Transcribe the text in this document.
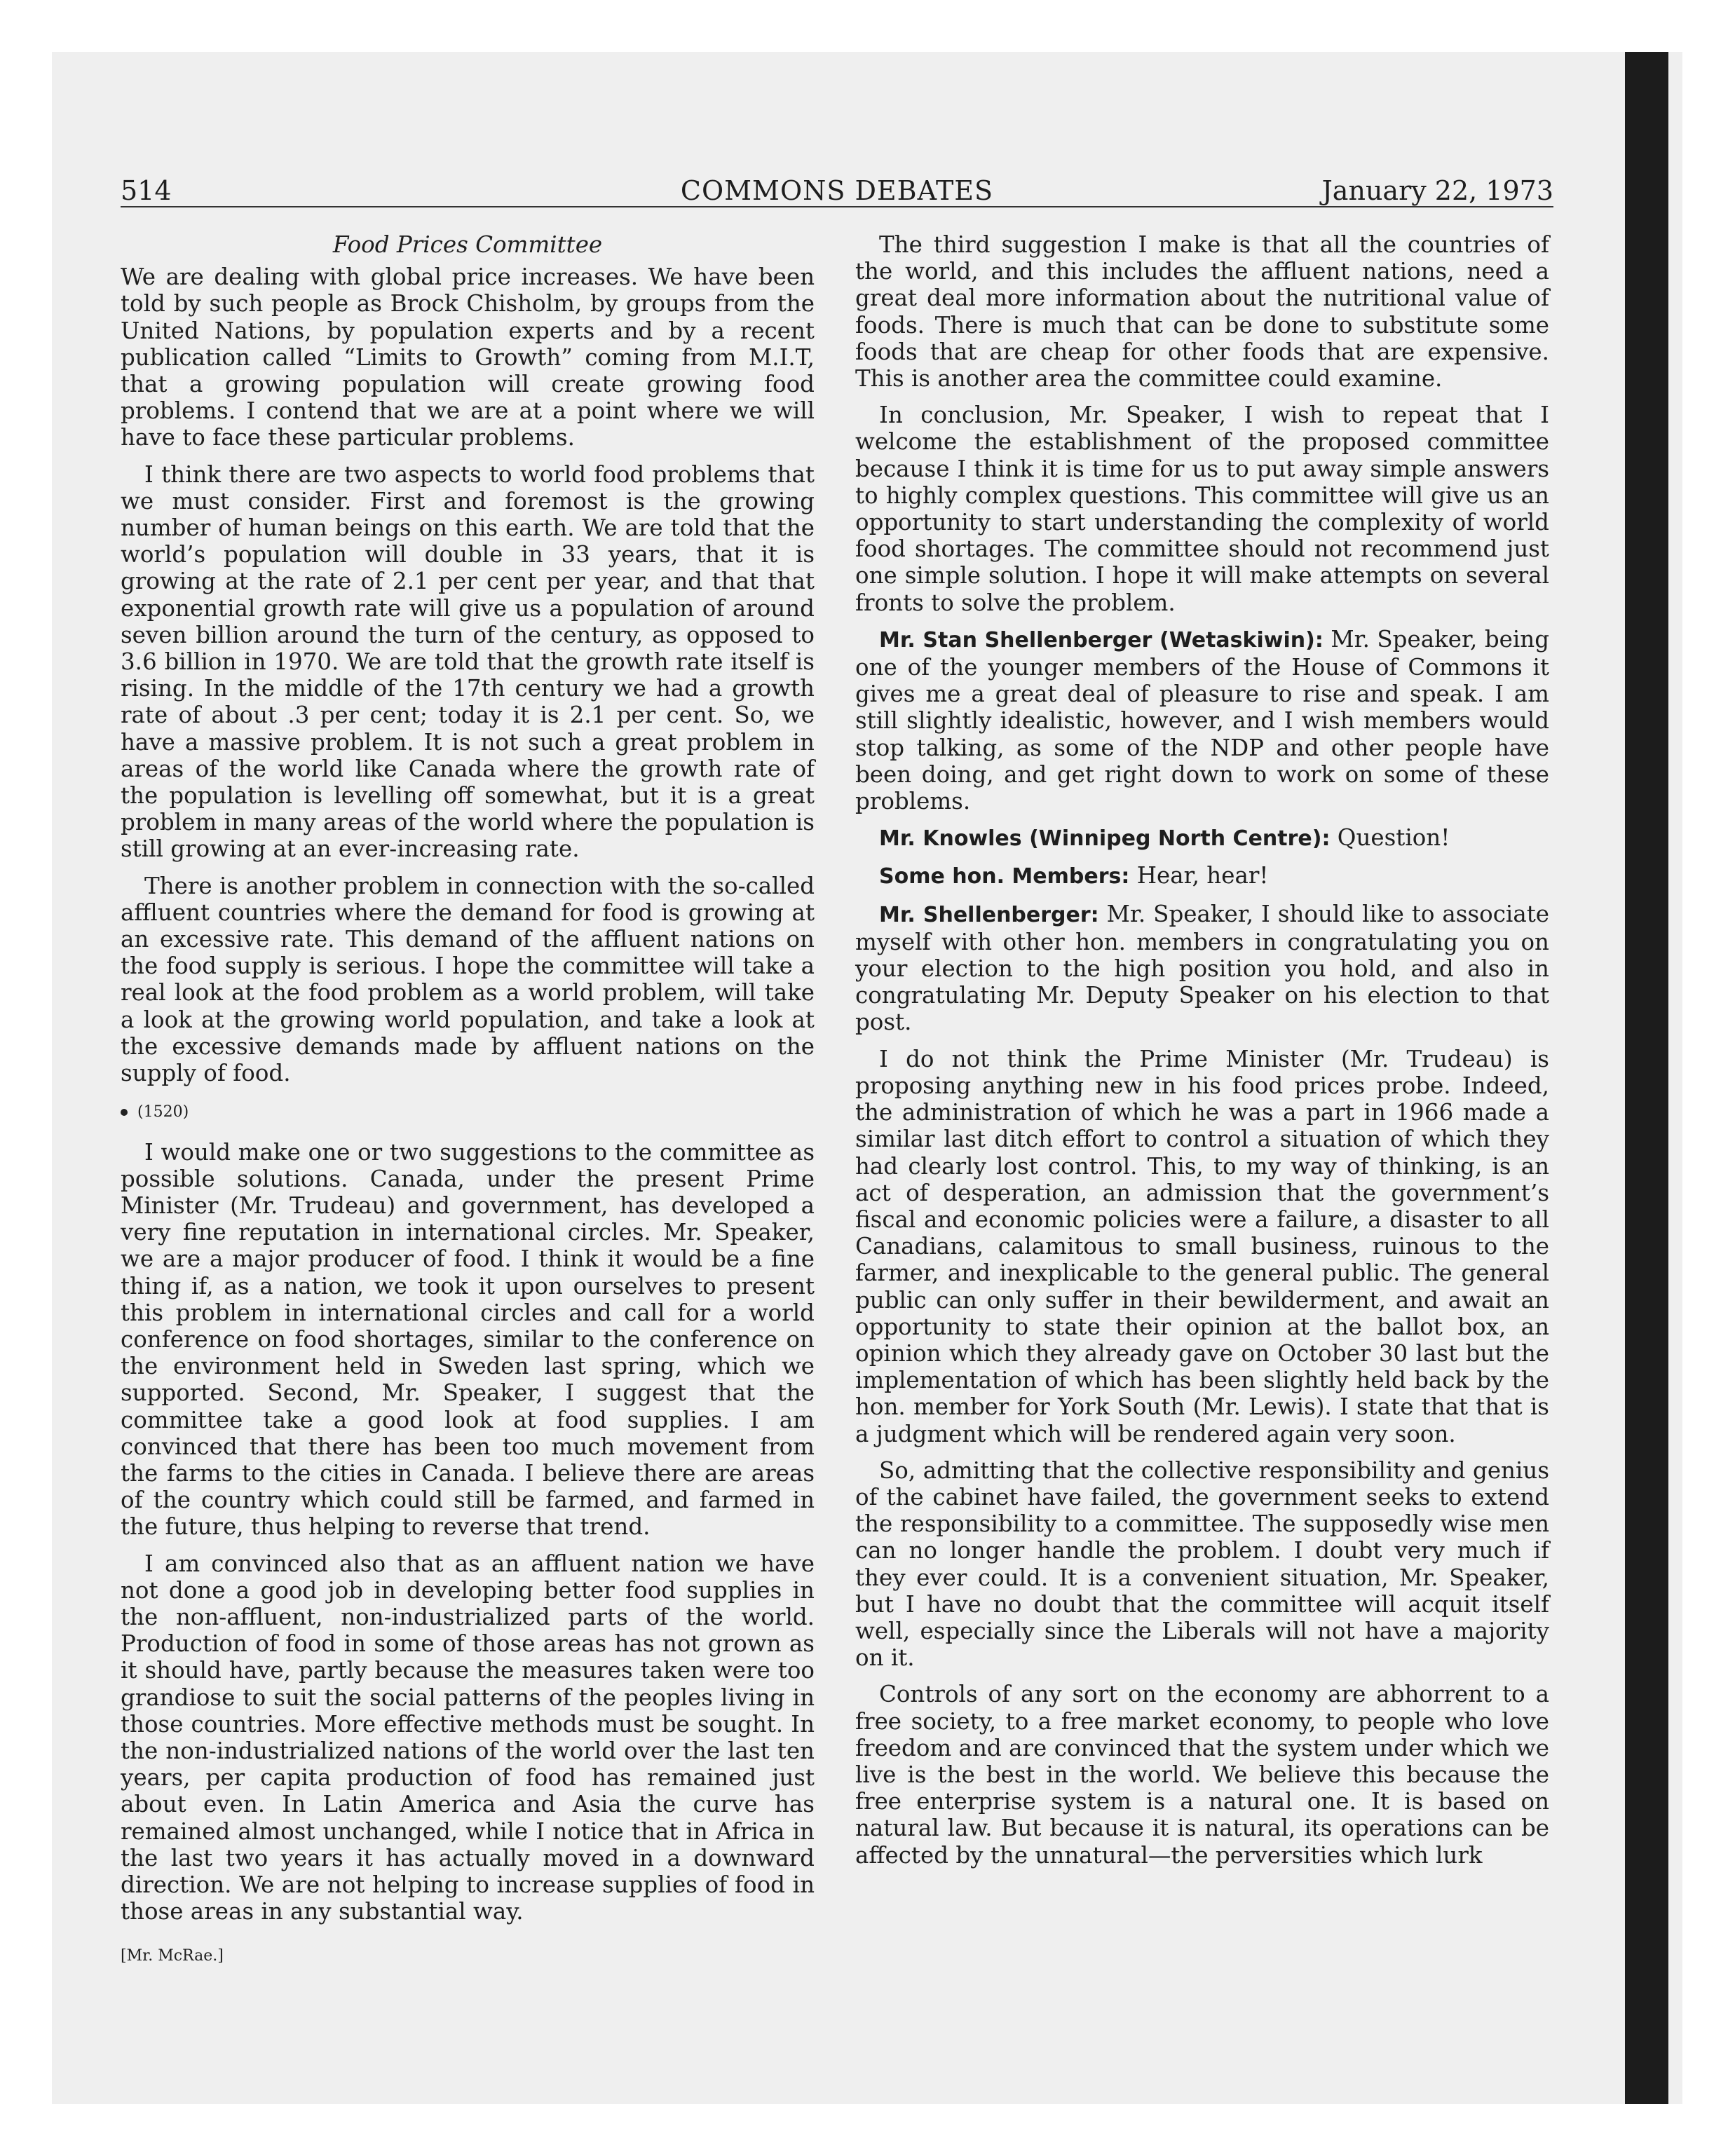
514	COMMONS DEBATES	January 22, 1973

Food Prices Committee

We are dealing with global price increases. We have been told by such people as Brock Chisholm, by groups from the United Nations, by population experts and by a recent publication called “Limits to Growth” coming from M.I.T, that a growing population will create growing food problems. I contend that we are at a point where we will have to face these particular problems.

I think there are two aspects to world food problems that we must consider. First and foremost is the growing number of human beings on this earth. We are told that the world’s population will double in 33 years, that it is growing at the rate of 2.1 per cent per year, and that that exponential growth rate will give us a population of around seven billion around the turn of the century, as opposed to 3.6 billion in 1970. We are told that the growth rate itself is rising. In the middle of the 17th century we had a growth rate of about .3 per cent; today it is 2.1 per cent. So, we have a massive problem. It is not such a great problem in areas of the world like Canada where the growth rate of the population is levelling off somewhat, but it is a great problem in many areas of the world where the population is still growing at an ever-increasing rate.

There is another problem in connection with the so-called affluent countries where the demand for food is growing at an excessive rate. This demand of the affluent nations on the food supply is serious. I hope the committee will take a real look at the food problem as a world problem, will take a look at the growing world population, and take a look at the excessive demands made by affluent nations on the supply of food.

(1520)

I would make one or two suggestions to the committee as possible solutions. Canada, under the present Prime Minister (Mr. Trudeau) and government, has developed a very fine reputation in international circles. Mr. Speaker, we are a major producer of food. I think it would be a fine thing if, as a nation, we took it upon ourselves to present this problem in international circles and call for a world conference on food shortages, similar to the conference on the environment held in Sweden last spring, which we supported. Second, Mr. Speaker, I suggest that the committee take a good look at food supplies. I am convinced that there has been too much movement from the farms to the cities in Canada. I believe there are areas of the country which could still be farmed, and farmed in the future, thus helping to reverse that trend.

I am convinced also that as an affluent nation we have not done a good job in developing better food supplies in the non-affluent, non-industrialized parts of the world. Production of food in some of those areas has not grown as it should have, partly because the measures taken were too grandiose to suit the social patterns of the peoples living in those countries. More effective methods must be sought. In the non-industrialized nations of the world over the last ten years, per capita production of food has remained just about even. In Latin America and Asia the curve has remained almost unchanged, while I notice that in Africa in the last two years it has actually moved in a downward direction. We are not helping to increase supplies of food in those areas in any substantial way.

[Mr. McRae.]

The third suggestion I make is that all the countries of the world, and this includes the affluent nations, need a great deal more information about the nutritional value of foods. There is much that can be done to substitute some foods that are cheap for other foods that are expensive. This is another area the committee could examine.

In conclusion, Mr. Speaker, I wish to repeat that I welcome the establishment of the proposed committee because I think it is time for us to put away simple answers to highly complex questions. This committee will give us an opportunity to start understanding the complexity of world food shortages. The committee should not recommend just one simple solution. I hope it will make attempts on several fronts to solve the problem.

Mr. Stan Shellenberger (Wetaskiwin): Mr. Speaker, being one of the younger members of the House of Commons it gives me a great deal of pleasure to rise and speak. I am still slightly idealistic, however, and I wish members would stop talking, as some of the NDP and other people have been doing, and get right down to work on some of these problems.

Mr. Knowles (Winnipeg North Centre): Question!

Some hon. Members: Hear, hear!

Mr. Shellenberger: Mr. Speaker, I should like to associate myself with other hon. members in congratulating you on your election to the high position you hold, and also in congratulating Mr. Deputy Speaker on his election to that post.

I do not think the Prime Minister (Mr. Trudeau) is proposing anything new in his food prices probe. Indeed, the administration of which he was a part in 1966 made a similar last ditch effort to control a situation of which they had clearly lost control. This, to my way of thinking, is an act of desperation, an admission that the government’s fiscal and economic policies were a failure, a disaster to all Canadians, calamitous to small business, ruinous to the farmer, and inexplicable to the general public. The general public can only suffer in their bewilderment, and await an opportunity to state their opinion at the ballot box, an opinion which they already gave on October 30 last but the implementation of which has been slightly held back by the hon. member for York South (Mr. Lewis). I state that that is a judgment which will be rendered again very soon.

So, admitting that the collective responsibility and genius of the cabinet have failed, the government seeks to extend the responsibility to a committee. The supposedly wise men can no longer handle the problem. I doubt very much if they ever could. It is a convenient situation, Mr. Speaker, but I have no doubt that the committee will acquit itself well, especially since the Liberals will not have a majority on it.

Controls of any sort on the economy are abhorrent to a free society, to a free market economy, to people who love freedom and are convinced that the system under which we live is the best in the world. We believe this because the free enterprise system is a natural one. It is based on natural law. But because it is natural, its operations can be affected by the unnatural—the perversities which lurk
